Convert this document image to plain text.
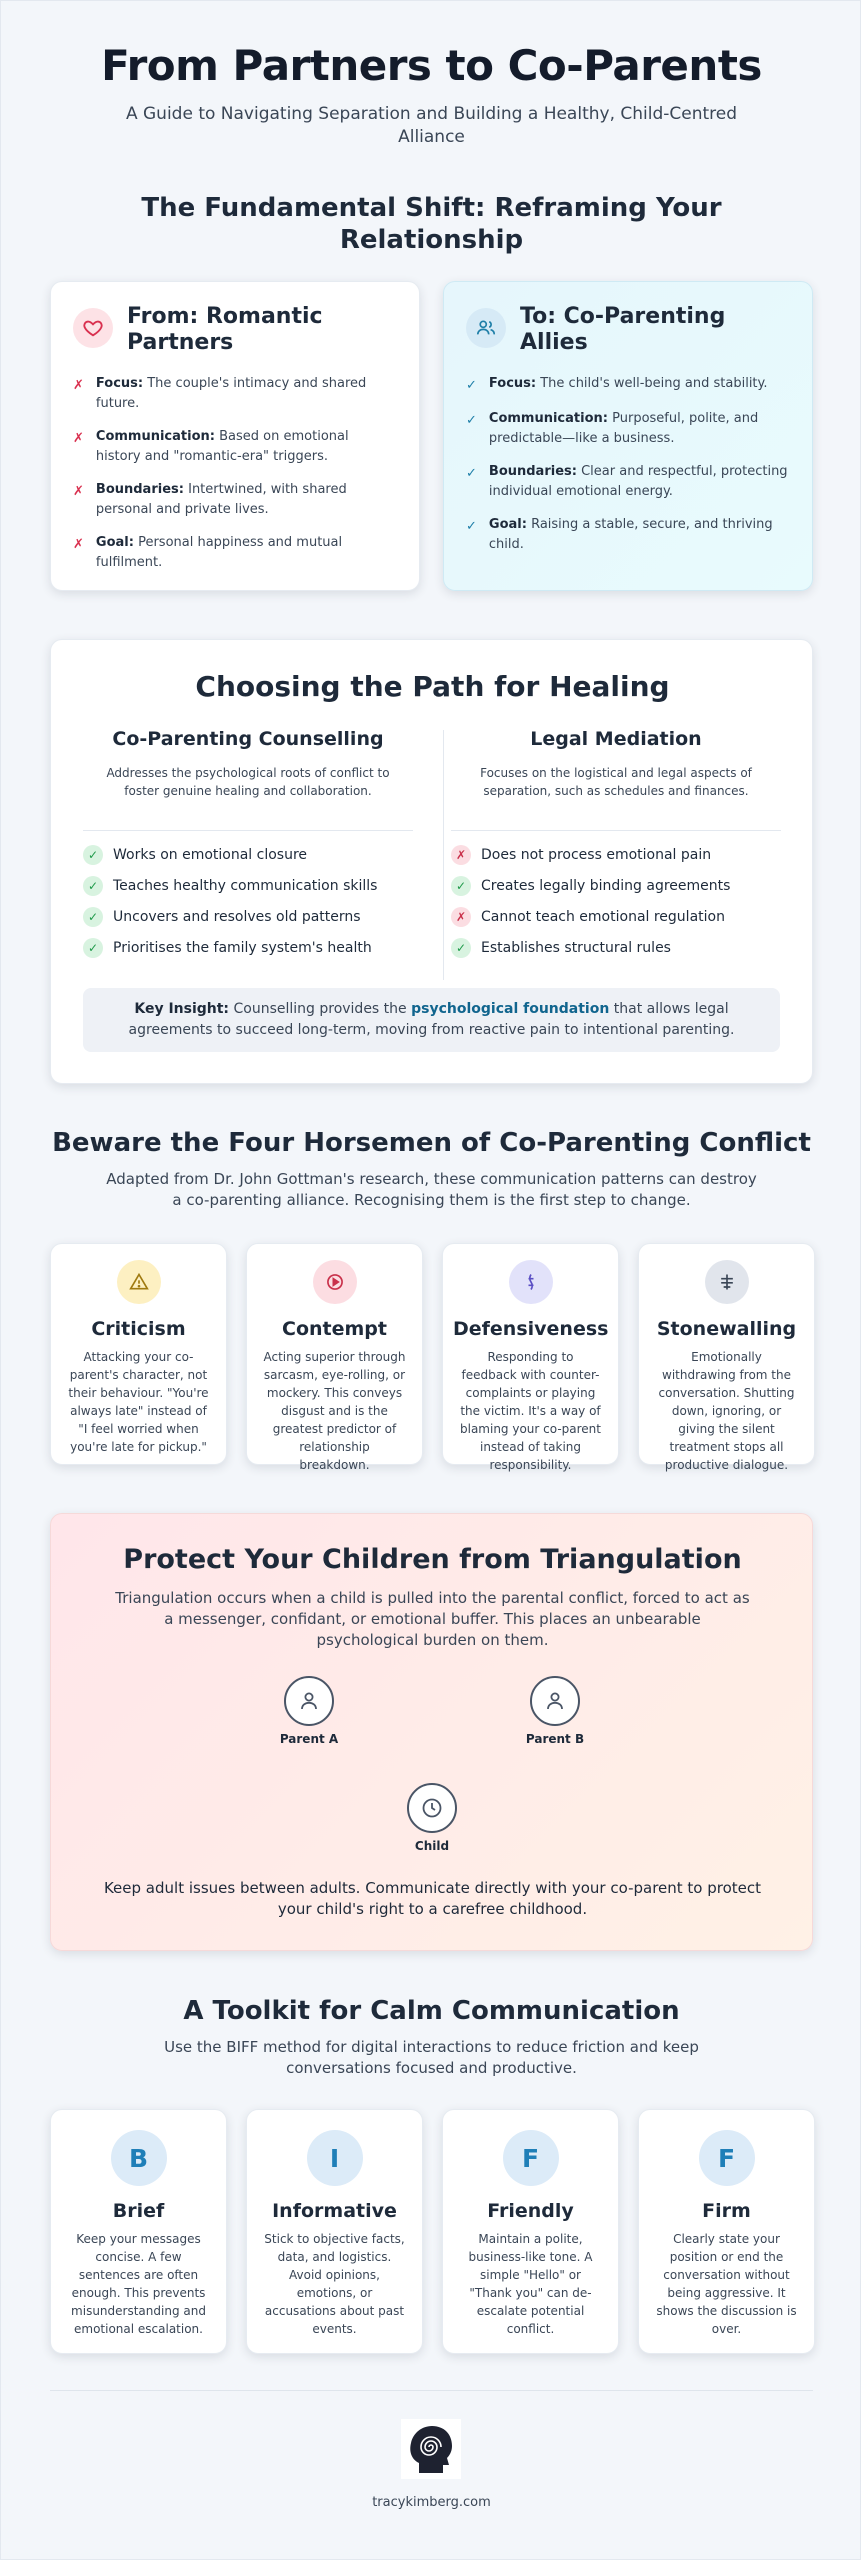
From Partners to Co-Parents
A Guide to Navigating Separation and Building a Healthy, Child-Centred Alliance
The Fundamental Shift: Reframing Your Relationship
From: Romantic Partners
✗ Focus: The couple's intimacy and shared future.
✗ Communication: Based on emotional history and "romantic-era" triggers.
✗ Boundaries: Intertwined, with shared personal and private lives.
✗ Goal: Personal happiness and mutual fulfilment.
To: Co-Parenting Allies
✓ Focus: The child's well-being and stability.
✓ Communication: Purposeful, polite, and predictable—like a business.
✓ Boundaries: Clear and respectful, protecting individual emotional energy.
✓ Goal: Raising a stable, secure, and thriving child.
Choosing the Path for Healing
Co-Parenting Counselling
Addresses the psychological roots of conflict to foster genuine healing and collaboration.
✓	Works on emotional closure
✓	Teaches healthy communication skills
✓	Uncovers and resolves old patterns
✓	Prioritises the family system's health
Legal Mediation
Focuses on the logistical and legal aspects of separation, such as schedules and finances.
✗	Does not process emotional pain
✓	Creates legally binding agreements
✗	Cannot teach emotional regulation
✓	Establishes structural rules
Key Insight: Counselling provides the psychological foundation that allows legal agreements to succeed long-term, moving from reactive pain to intentional parenting.
Beware the Four Horsemen of Co-Parenting Conflict
Adapted from Dr. John Gottman's research, these communication patterns can destroy a co-parenting alliance. Recognising them is the first step to change.
Criticism
Attacking your co-parent's character, not their behaviour. "You're always late" instead of "I feel worried when you're late for pickup."
Contempt
Acting superior through sarcasm, eye-rolling, or mockery. This conveys disgust and is the greatest predictor of relationship breakdown.
Defensiveness
Responding to feedback with counter-complaints or playing the victim. It's a way of blaming your co-parent instead of taking responsibility.
Stonewalling
Emotionally withdrawing from the conversation. Shutting down, ignoring, or giving the silent treatment stops all productive dialogue.
Protect Your Children from Triangulation
Triangulation occurs when a child is pulled into the parental conflict, forced to act as a messenger, confidant, or emotional buffer. This places an unbearable psychological burden on them.
Parent A	Parent B
Child
Keep adult issues between adults. Communicate directly with your co-parent to protect your child's right to a carefree childhood.
A Toolkit for Calm Communication
Use the BIFF method for digital interactions to reduce friction and keep conversations focused and productive.
B
Brief
Keep your messages concise. A few sentences are often enough. This prevents misunderstanding and emotional escalation.
I
Informative
Stick to objective facts, data, and logistics. Avoid opinions, emotions, or accusations about past events.
F
Friendly
Maintain a polite, business-like tone. A simple "Hello" or "Thank you" can de-escalate potential conflict.
F
Firm
Clearly state your position or end the conversation without being aggressive. It shows the discussion is over.
tracykimberg.com
